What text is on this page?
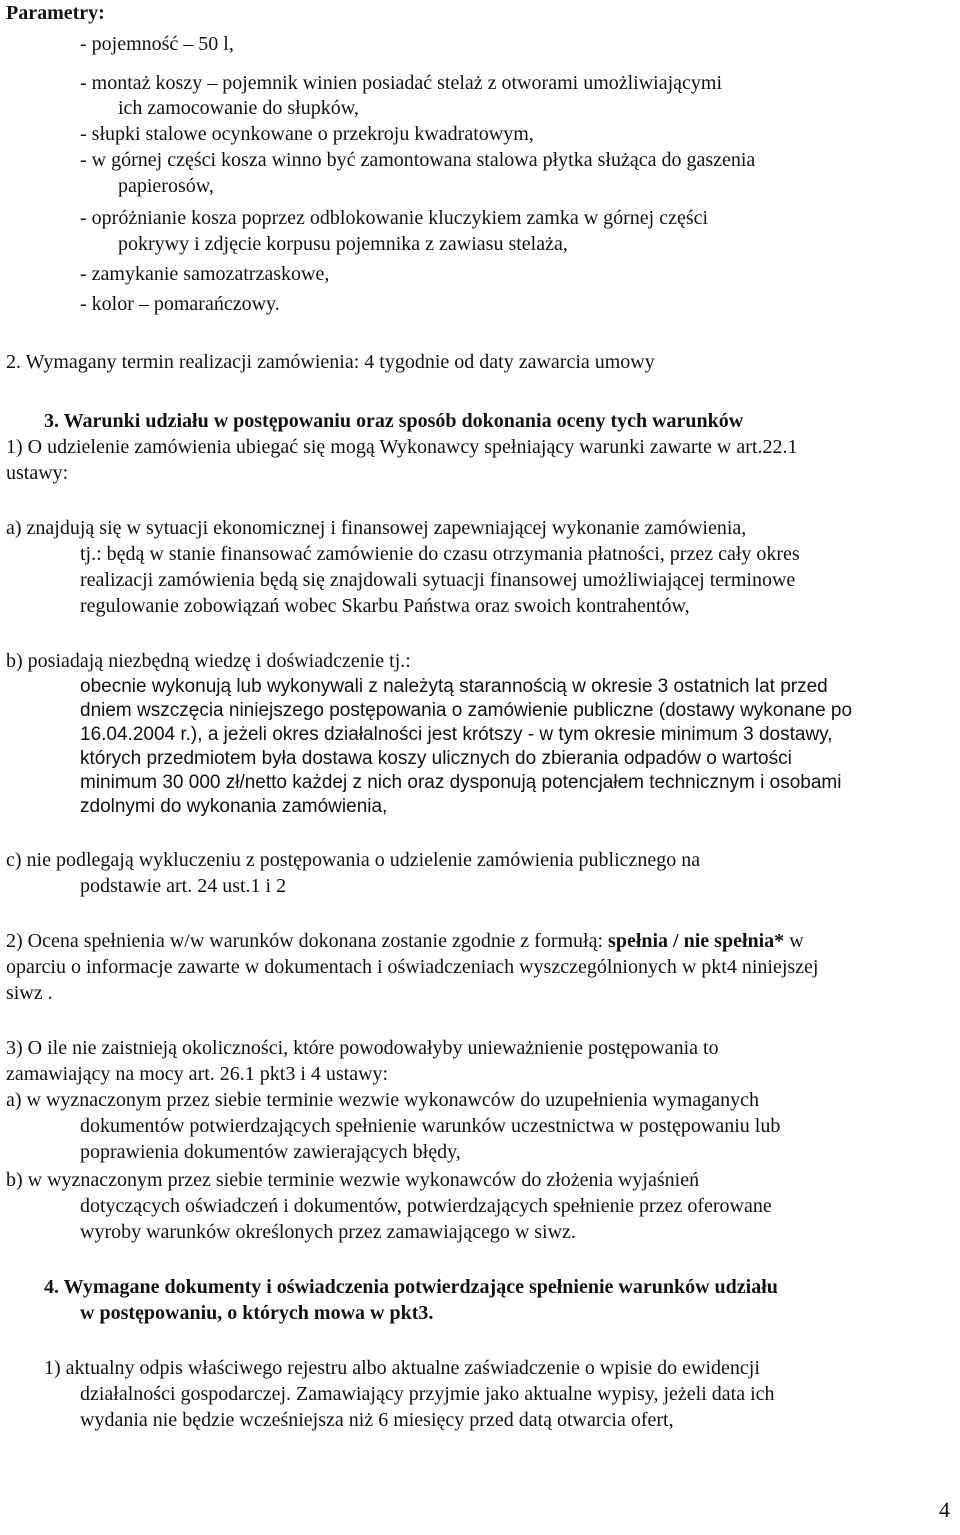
Parametry:
- pojemność – 50 l,
- montaż koszy – pojemnik winien posiadać stelaż z otworami umożliwiającymi
ich zamocowanie do słupków,
- słupki stalowe ocynkowane o przekroju kwadratowym,
- w górnej części kosza winno być zamontowana stalowa płytka służąca do gaszenia
papierosów,
- opróżnianie kosza poprzez odblokowanie kluczykiem zamka w górnej części
pokrywy i zdjęcie korpusu pojemnika z zawiasu stelaża,
- zamykanie samozatrzaskowe,
- kolor – pomarańczowy.
2. Wymagany termin realizacji zamówienia: 4 tygodnie od daty zawarcia umowy
3. Warunki udziału w postępowaniu oraz sposób dokonania oceny tych warunków
1) O udzielenie zamówienia ubiegać się mogą Wykonawcy spełniający warunki zawarte w art.22.1
ustawy:
a) znajdują się w sytuacji ekonomicznej i finansowej zapewniającej wykonanie zamówienia,
tj.: będą w stanie finansować zamówienie do czasu otrzymania płatności, przez cały okres
realizacji zamówienia będą się znajdowali sytuacji finansowej umożliwiającej terminowe
regulowanie zobowiązań wobec Skarbu Państwa oraz swoich kontrahentów,
b) posiadają niezbędną wiedzę i doświadczenie tj.:
obecnie wykonują lub wykonywali z należytą starannością w okresie 3 ostatnich lat przed
dniem wszczęcia niniejszego postępowania o zamówienie publiczne (dostawy wykonane po
16.04.2004 r.), a jeżeli okres działalności jest krótszy - w tym okresie minimum 3 dostawy,
których przedmiotem była dostawa koszy ulicznych do zbierania odpadów o wartości
minimum 30 000 zł/netto każdej z nich oraz dysponują potencjałem technicznym i osobami
zdolnymi do wykonania zamówienia,
c) nie podlegają wykluczeniu z postępowania o udzielenie zamówienia publicznego na
podstawie art. 24 ust.1 i 2
2) Ocena spełnienia w/w warunków dokonana zostanie zgodnie z formułą: spełnia / nie spełnia* w
oparciu o informacje zawarte w dokumentach i oświadczeniach wyszczególnionych w pkt4 niniejszej
siwz .
3) O ile nie zaistnieją okoliczności, które powodowałyby unieważnienie postępowania to
zamawiający na mocy art. 26.1 pkt3 i 4 ustawy:
a) w wyznaczonym przez siebie terminie wezwie wykonawców do uzupełnienia wymaganych
dokumentów potwierdzających spełnienie warunków uczestnictwa w postępowaniu lub
poprawienia dokumentów zawierających błędy,
b) w wyznaczonym przez siebie terminie wezwie wykonawców do złożenia wyjaśnień
dotyczących oświadczeń i dokumentów, potwierdzających spełnienie przez oferowane
wyroby warunków określonych przez zamawiającego w siwz.
4. Wymagane dokumenty i oświadczenia potwierdzające spełnienie warunków udziału
w postępowaniu, o których mowa w pkt3.
1) aktualny odpis właściwego rejestru albo aktualne zaświadczenie o wpisie do ewidencji
działalności gospodarczej. Zamawiający przyjmie jako aktualne wypisy, jeżeli data ich
wydania nie będzie wcześniejsza niż 6 miesięcy przed datą otwarcia ofert,
4
